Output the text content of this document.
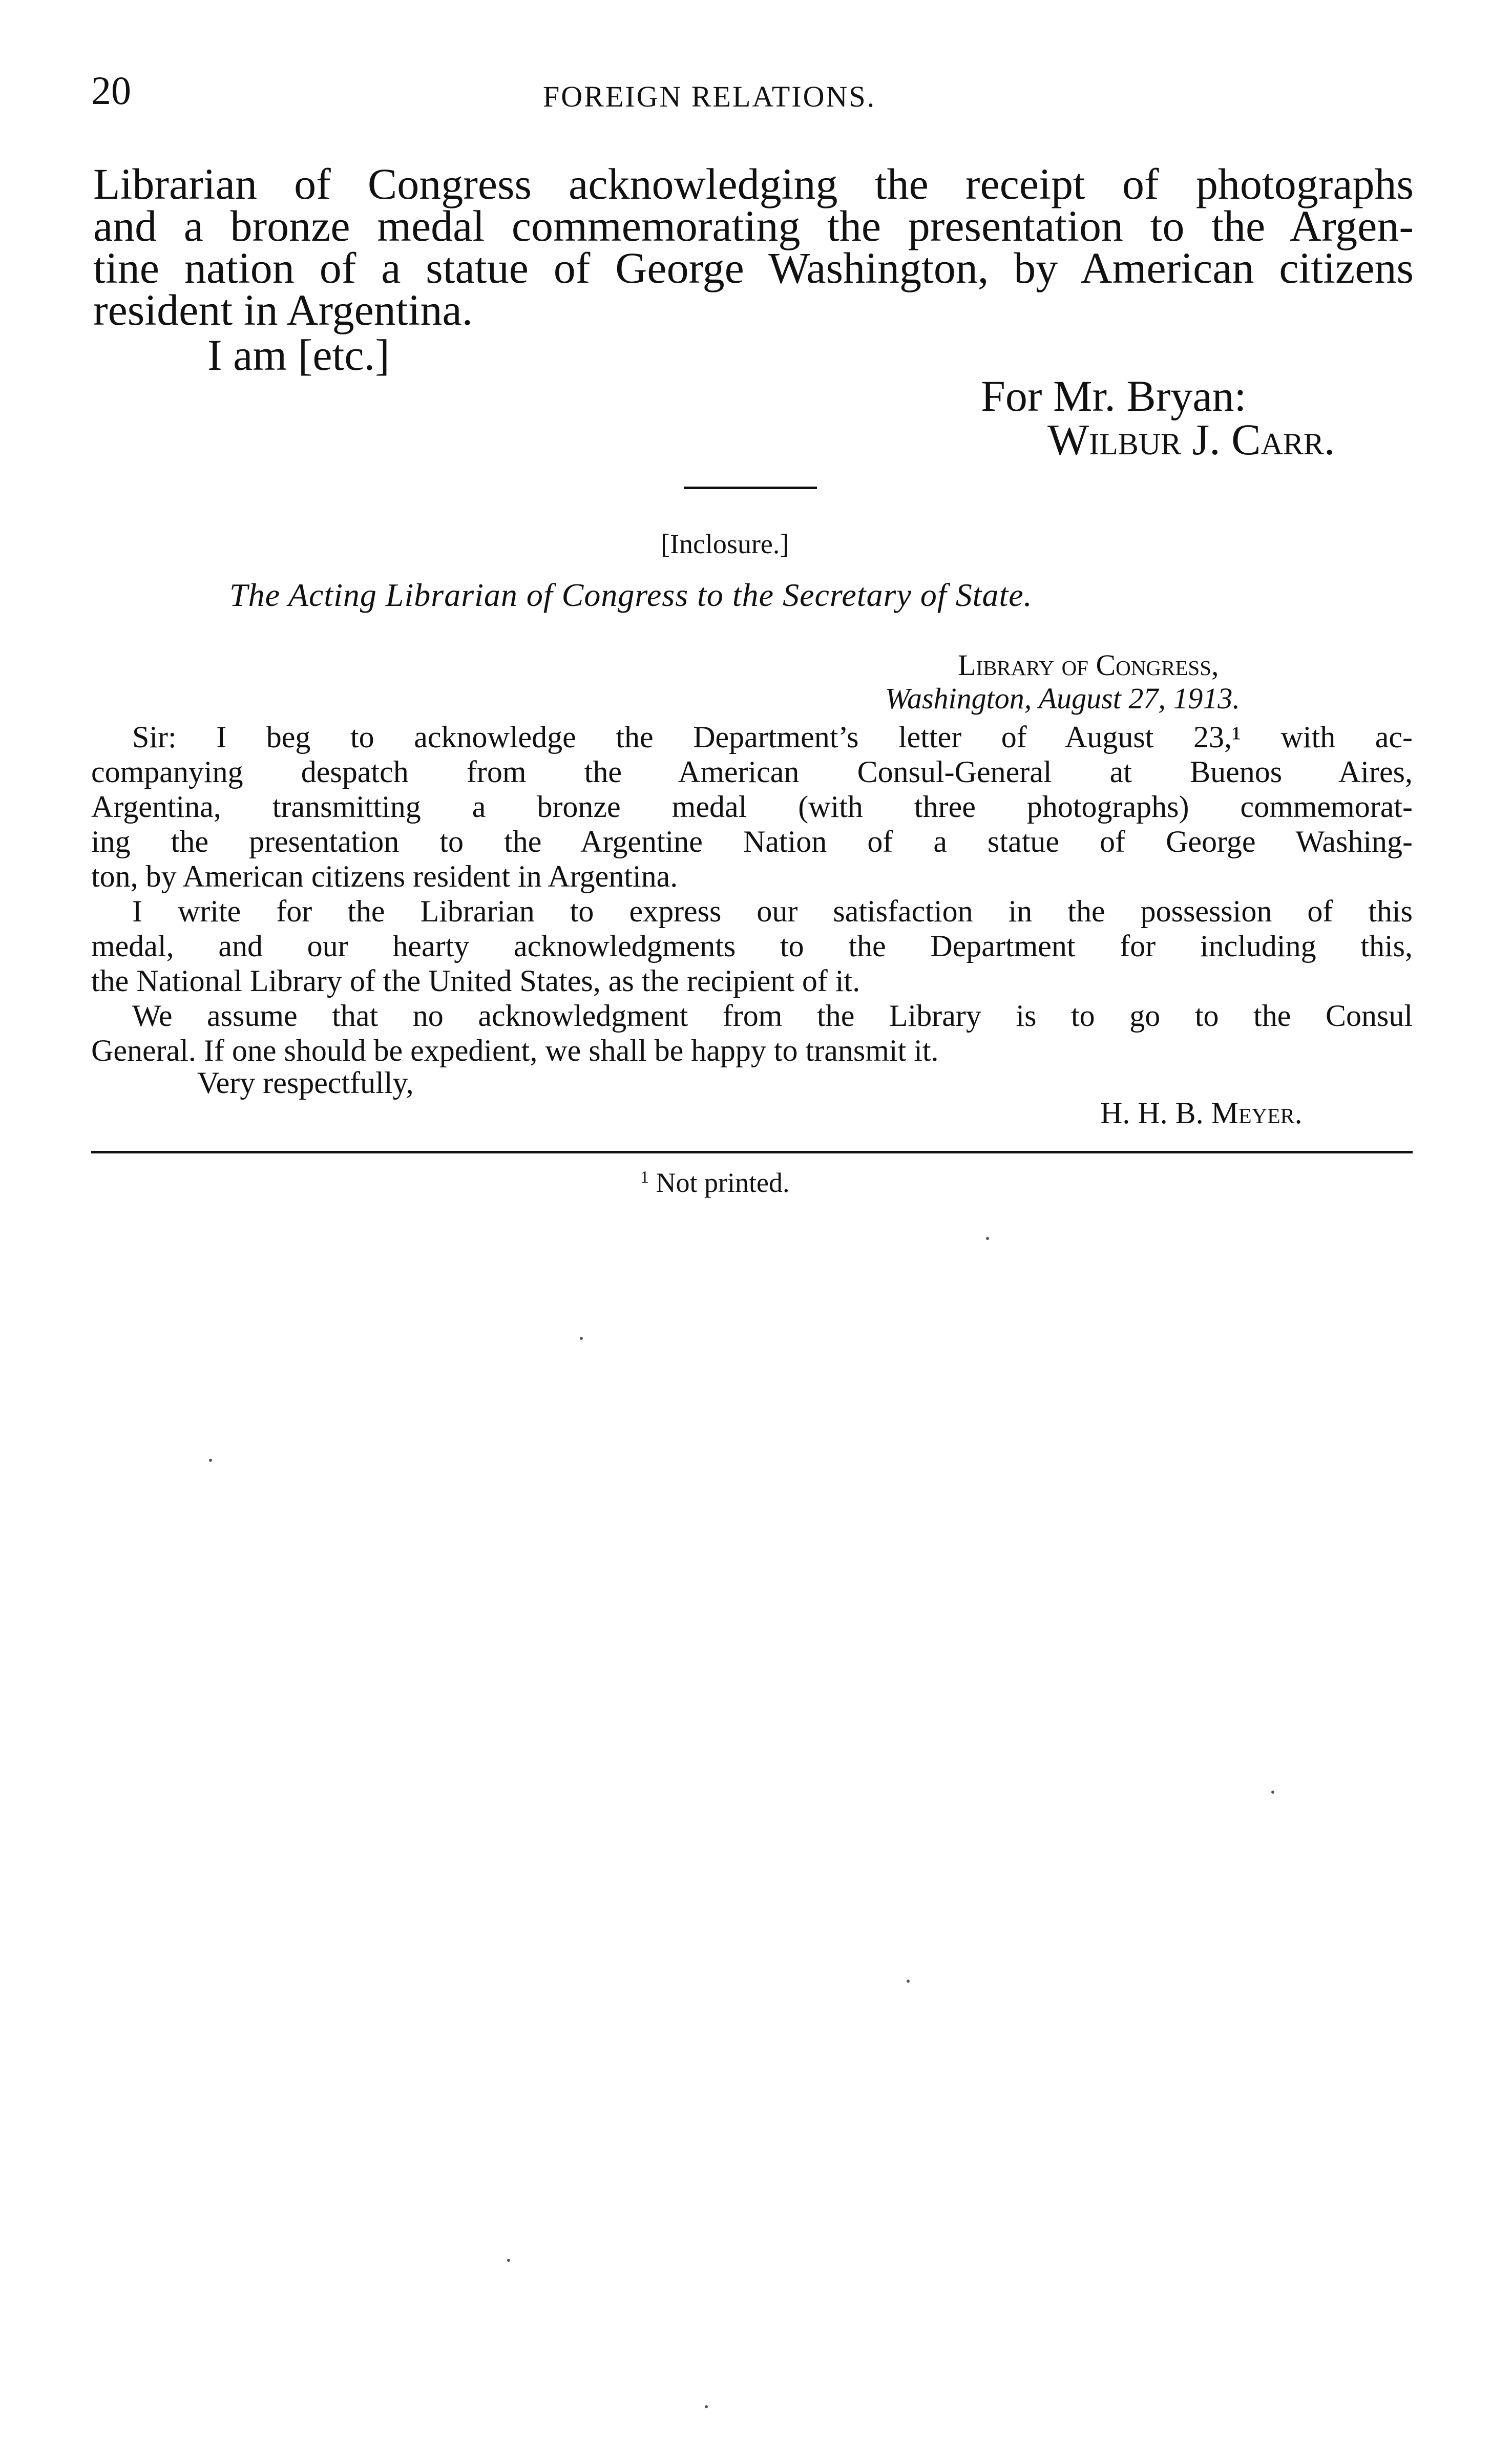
20	FOREIGN RELATIONS.
Librarian of Congress acknowledging the receipt of photographs
and a bronze medal commemorating the presentation to the Argen-
tine nation of a statue of George Washington, by American citizens
resident in Argentina.
I am [etc.]
For Mr. Bryan:
Wilbur J. Carr.
[Inclosure.]
The Acting Librarian of Congress to the Secretary of State.
Library of Congress,
Washington, August 27, 1913.
Sir: I beg to acknowledge the Department’s letter of August 23,¹ with ac-
companying despatch from the American Consul-General at Buenos Aires,
Argentina, transmitting a bronze medal (with three photographs) commemorat-
ing the presentation to the Argentine Nation of a statue of George Washing-
ton, by American citizens resident in Argentina.
I write for the Librarian to express our satisfaction in the possession of this
medal, and our hearty acknowledgments to the Department for including this,
the National Library of the United States, as the recipient of it.
We assume that no acknowledgment from the Library is to go to the Consul
General. If one should be expedient, we shall be happy to transmit it.
Very respectfully,
H. H. B. Meyer.
$^1$ Not printed.
